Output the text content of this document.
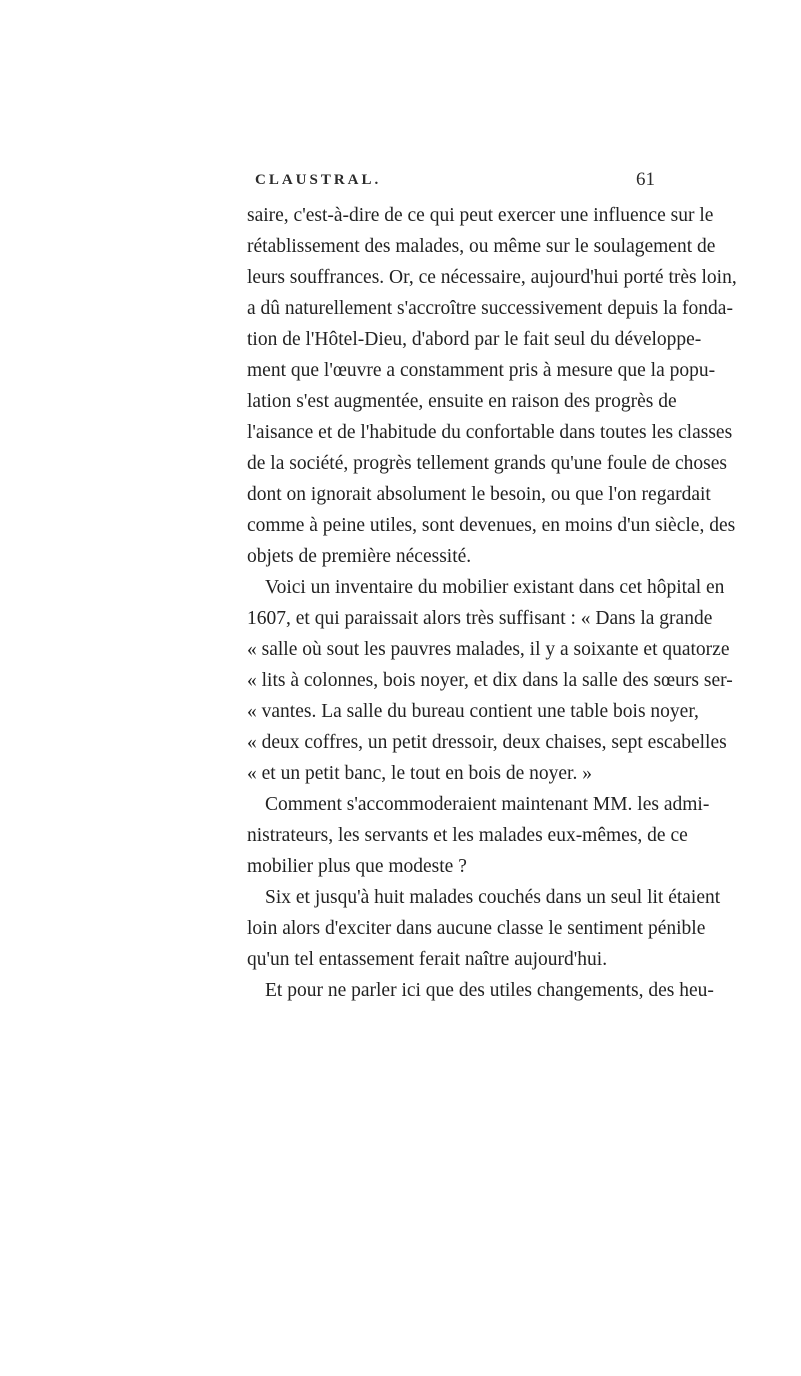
CLAUSTRAL.	61
saire, c'est-à-dire de ce qui peut exercer une influence sur le
rétablissement des malades, ou même sur le soulagement de
leurs souffrances. Or, ce nécessaire, aujourd'hui porté très loin,
a dû naturellement s'accroître successivement depuis la fonda-
tion de l'Hôtel-Dieu, d'abord par le fait seul du développe-
ment que l'œuvre a constamment pris à mesure que la popu-
lation s'est augmentée, ensuite en raison des progrès de
l'aisance et de l'habitude du confortable dans toutes les classes
de la société, progrès tellement grands qu'une foule de choses
dont on ignorait absolument le besoin, ou que l'on regardait
comme à peine utiles, sont devenues, en moins d'un siècle, des
objets de première nécessité.
Voici un inventaire du mobilier existant dans cet hôpital en
1607, et qui paraissait alors très suffisant : « Dans la grande
« salle où sout les pauvres malades, il y a soixante et quatorze
« lits à colonnes, bois noyer, et dix dans la salle des sœurs ser-
« vantes. La salle du bureau contient une table bois noyer,
« deux coffres, un petit dressoir, deux chaises, sept escabelles
« et un petit banc, le tout en bois de noyer. »
Comment s'accommoderaient maintenant MM. les admi-
nistrateurs, les servants et les malades eux-mêmes, de ce
mobilier plus que modeste ?
Six et jusqu'à huit malades couchés dans un seul lit étaient
loin alors d'exciter dans aucune classe le sentiment pénible
qu'un tel entassement ferait naître aujourd'hui.
Et pour ne parler ici que des utiles changements, des heu-
